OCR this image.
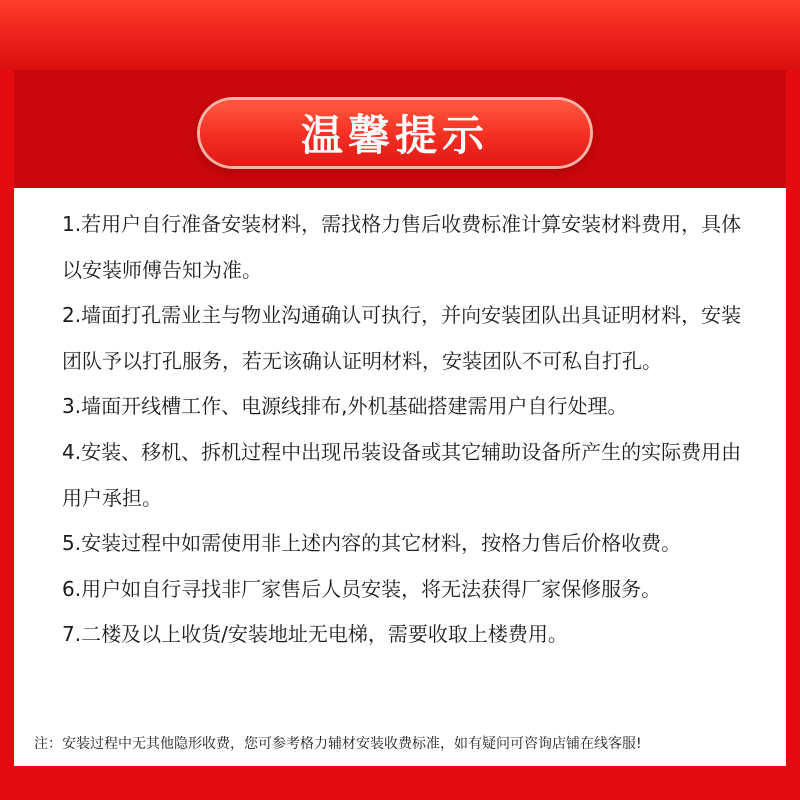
温馨提示
1.若用户自行准备安装材料，需找格力售后收费标准计算安装材料费用，具体以安装师傅告知为准。
2.墙面打孔需业主与物业沟通确认可执行，并向安装团队出具证明材料，安装团队予以打孔服务，若无该确认证明材料，安装团队不可私自打孔。
3.墙面开线槽工作、电源线排布,外机基础搭建需用户自行处理。
4.安装、移机、拆机过程中出现吊装设备或其它辅助设备所产生的实际费用由用户承担。
5.安装过程中如需使用非上述内容的其它材料，按格力售后价格收费。
6.用户如自行寻找非厂家售后人员安装，将无法获得厂家保修服务。
7.二楼及以上收货/安装地址无电梯，需要收取上楼费用。
注：安装过程中无其他隐形收费，您可参考格力辅材安装收费标准，如有疑问可咨询店铺在线客服!
